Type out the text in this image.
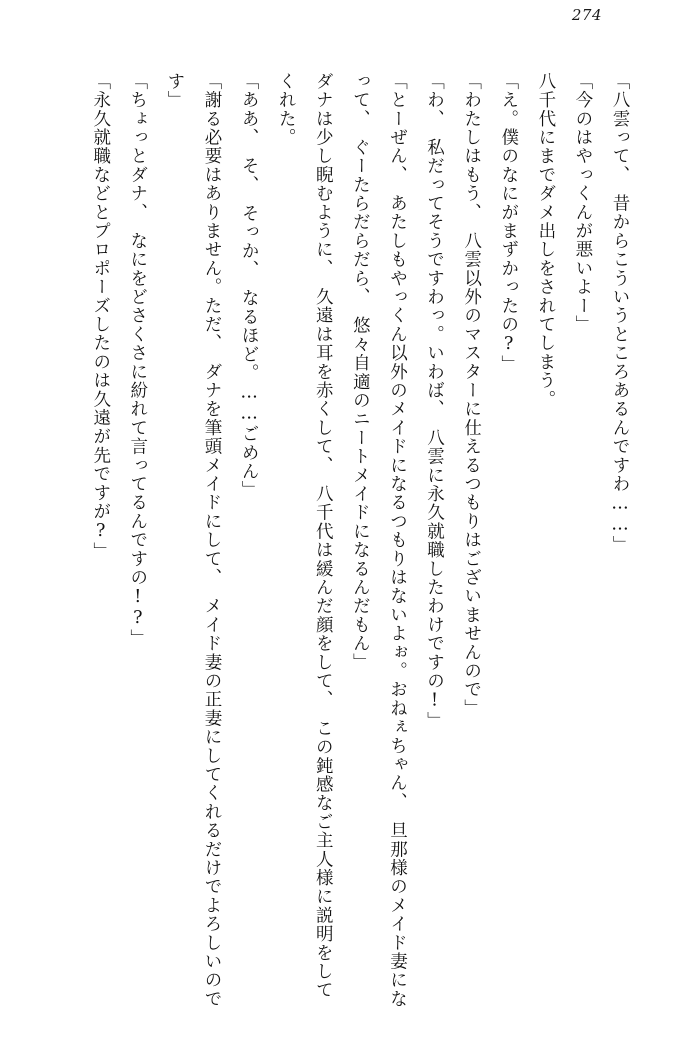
274

「八雲って、　昔からこういうところあるんですわ……」

「今のはやっくんが悪いよー」

八千代にまでダメ出しをされてしまう。

「え。僕のなにがまずかったの?」

「わたしはもう、　八雲以外のマスターに仕えるつもりはございませんので」

「わ、　私だってそうですわっ。いわば、　八雲に永久就職したわけですの!」

「とーぜん、　あたしもやっくん以外のメイドになるつもりはないよぉ。おねぇちゃん、　旦那様のメイド妻になって、　ぐーたらだらだら、　悠々自適のニートメイドになるんだもん」

ダナは少し睨むように、　久遠は耳を赤くして、　八千代は緩んだ顔をして、　この鈍感なご主人様に説明をしてくれた。

「ああ、　そ、　そっか、　なるほど。……ごめん」

「謝る必要はありません。ただ、　ダナを筆頭メイドにして、　メイド妻の正妻にしてくれるだけでよろしいのです」

「ちょっとダナ、　なにをどさくさに紛れて言ってるんですの!?」

「永久就職などとプロポーズしたのは久遠が先ですが?」
